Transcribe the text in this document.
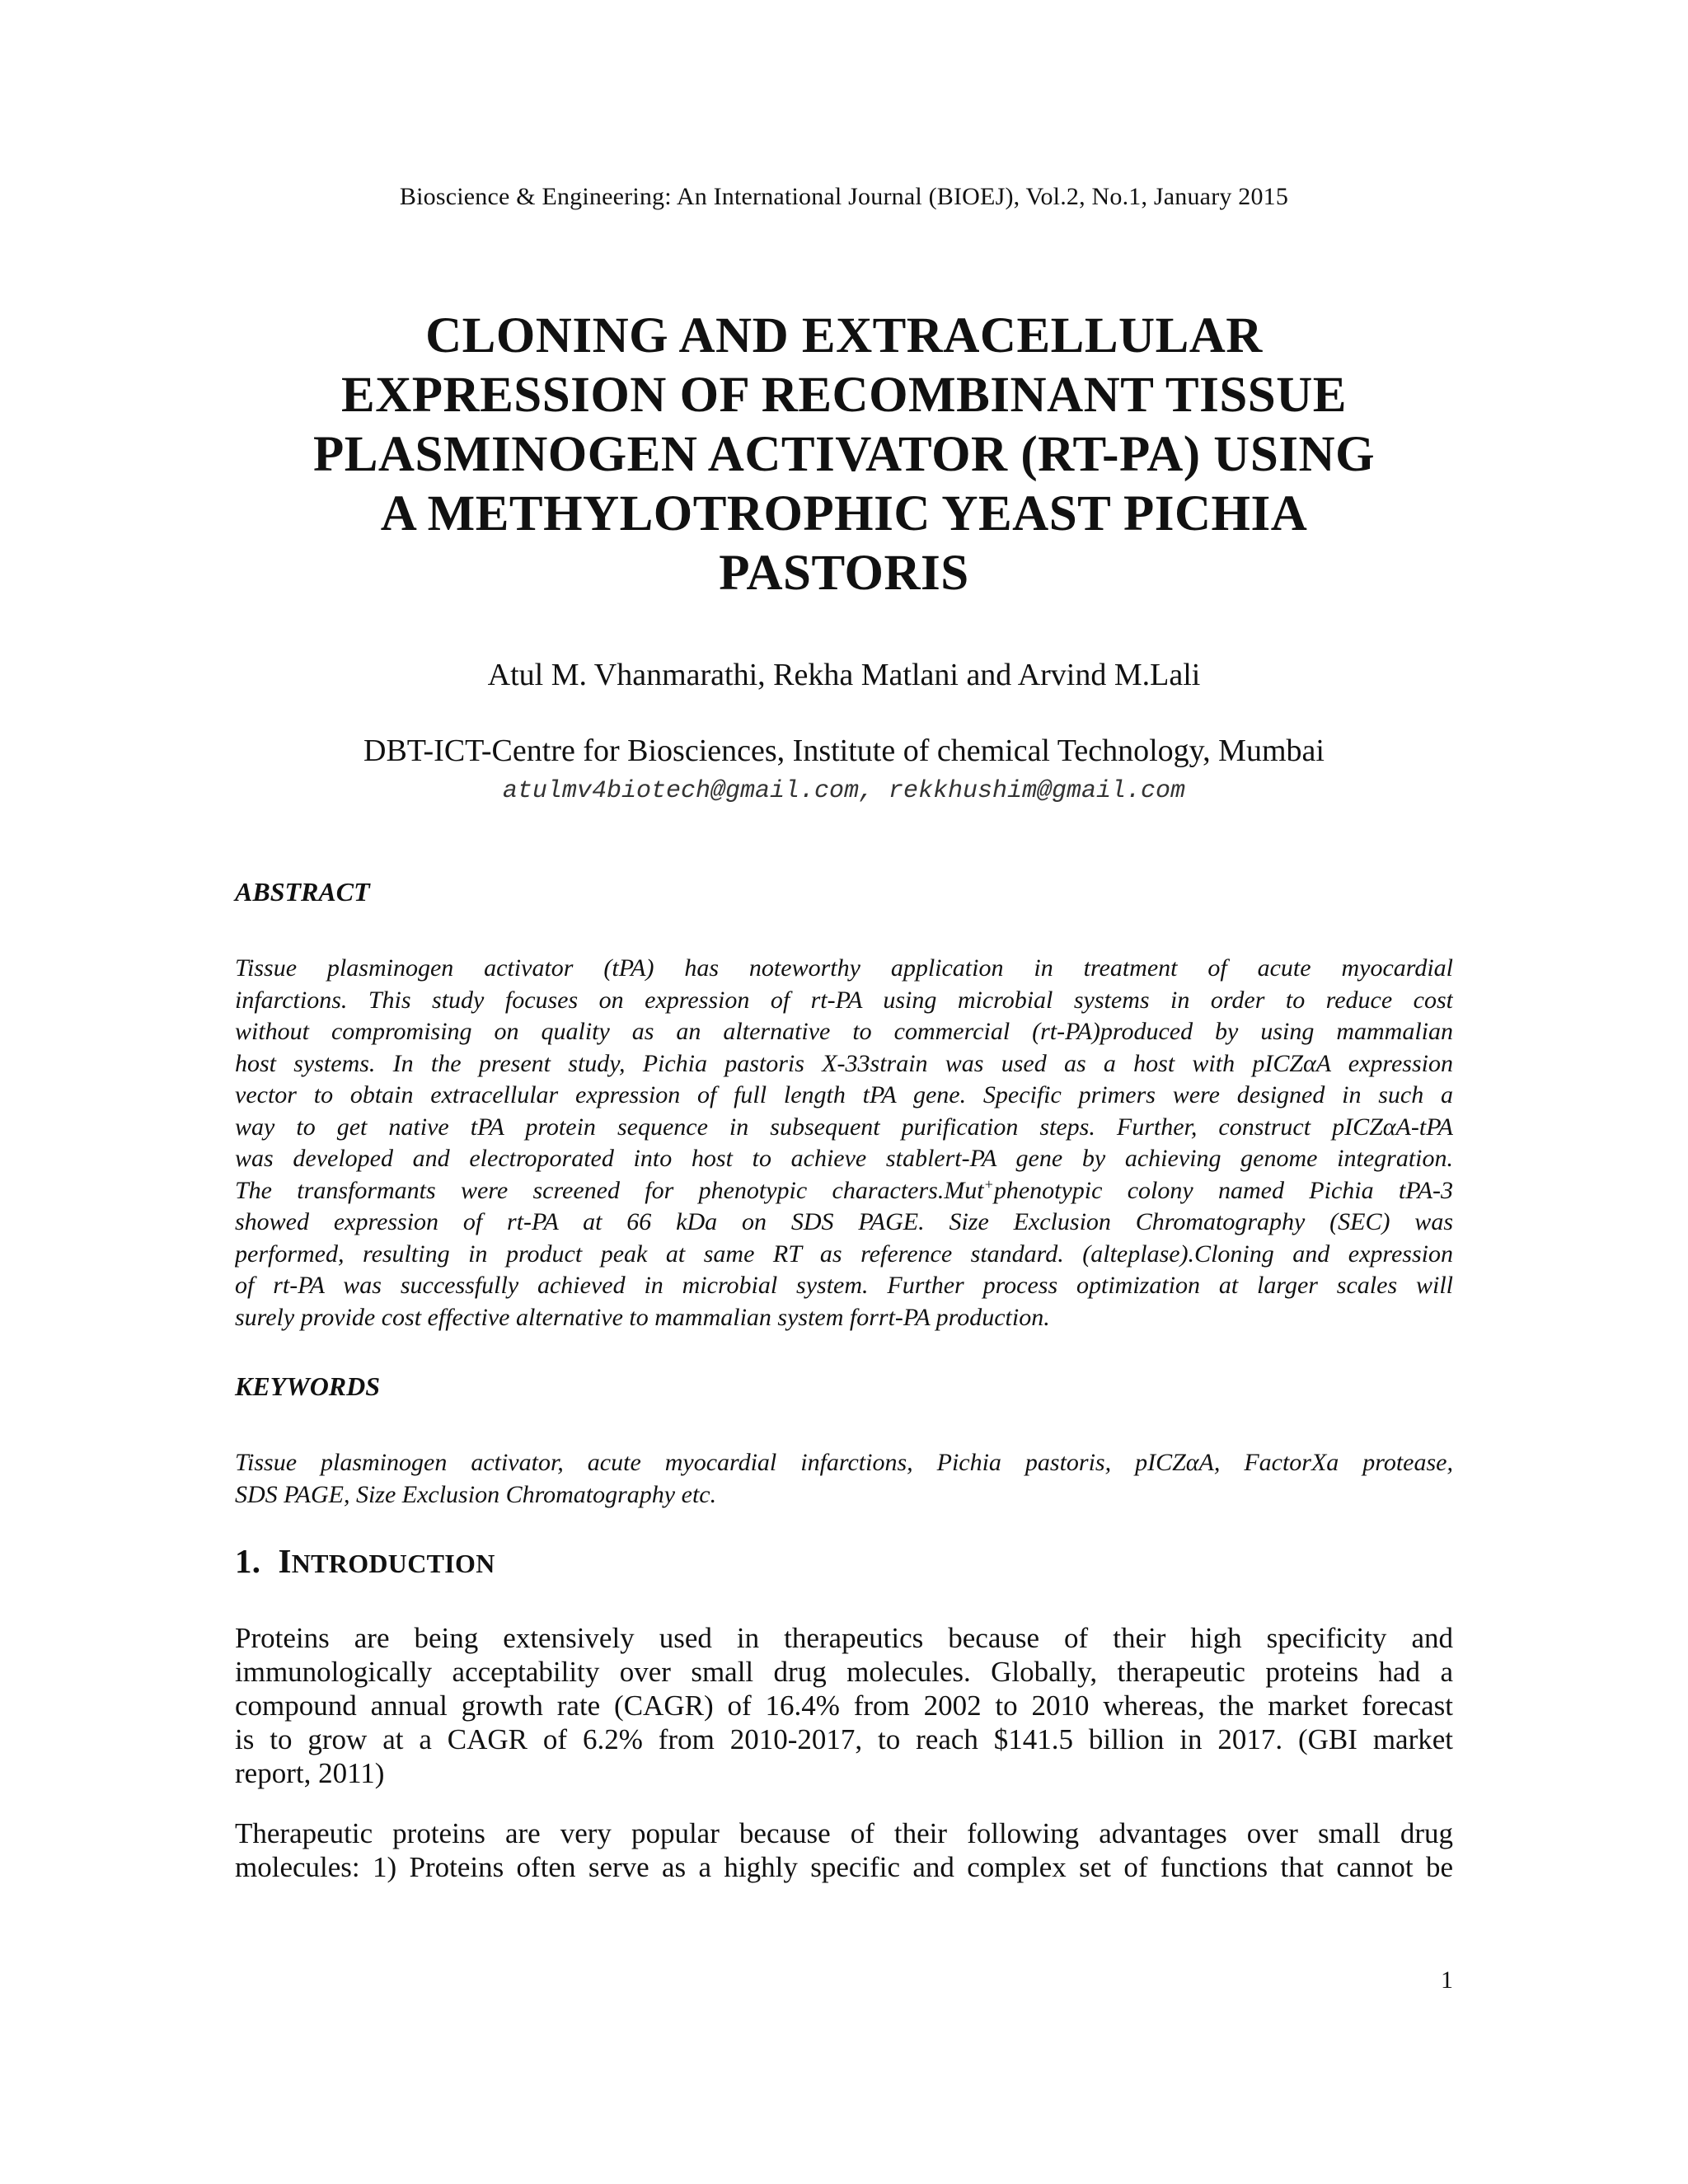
Bioscience & Engineering: An International Journal (BIOEJ), Vol.2, No.1, January 2015
CLONING AND EXTRACELLULAR
EXPRESSION OF RECOMBINANT TISSUE
PLASMINOGEN ACTIVATOR (RT-PA) USING
A METHYLOTROPHIC YEAST PICHIA
PASTORIS
Atul M. Vhanmarathi, Rekha Matlani and Arvind M.Lali
DBT-ICT-Centre for Biosciences, Institute of chemical Technology, Mumbai
atulmv4biotech@gmail.com, rekkhushim@gmail.com
ABSTRACT
Tissue plasminogen activator (tPA) has noteworthy application in treatment of acute myocardial
infarctions. This study focuses on expression of rt-PA using microbial systems in order to reduce cost
without compromising on quality as an alternative to commercial (rt-PA)produced by using mammalian
host systems. In the present study, Pichia pastoris X-33strain was used as a host with pICZαA expression
vector to obtain extracellular expression of full length tPA gene. Specific primers were designed in such a
way to get native tPA protein sequence in subsequent purification steps. Further, construct pICZαA-tPA
was developed and electroporated into host to achieve stablert-PA gene by achieving genome integration.
The transformants were screened for phenotypic characters.Mut+phenotypic colony named Pichia tPA-3
showed expression of rt-PA at 66 kDa on SDS PAGE. Size Exclusion Chromatography (SEC) was
performed, resulting in product peak at same RT as reference standard. (alteplase).Cloning and expression
of rt-PA was successfully achieved in microbial system. Further process optimization at larger scales will
surely provide cost effective alternative to mammalian system forrt-PA production.
KEYWORDS
Tissue plasminogen activator, acute myocardial infarctions, Pichia pastoris, pICZαA, FactorXa protease,
SDS PAGE, Size Exclusion Chromatography etc.
1. INTRODUCTION
Proteins are being extensively used in therapeutics because of their high specificity and
immunologically acceptability over small drug molecules. Globally, therapeutic proteins had a
compound annual growth rate (CAGR) of 16.4% from 2002 to 2010 whereas, the market forecast
is to grow at a CAGR of 6.2% from 2010-2017, to reach $141.5 billion in 2017. (GBI market
report, 2011)
Therapeutic proteins are very popular because of their following advantages over small drug
molecules: 1) Proteins often serve as a highly specific and complex set of functions that cannot be
1
